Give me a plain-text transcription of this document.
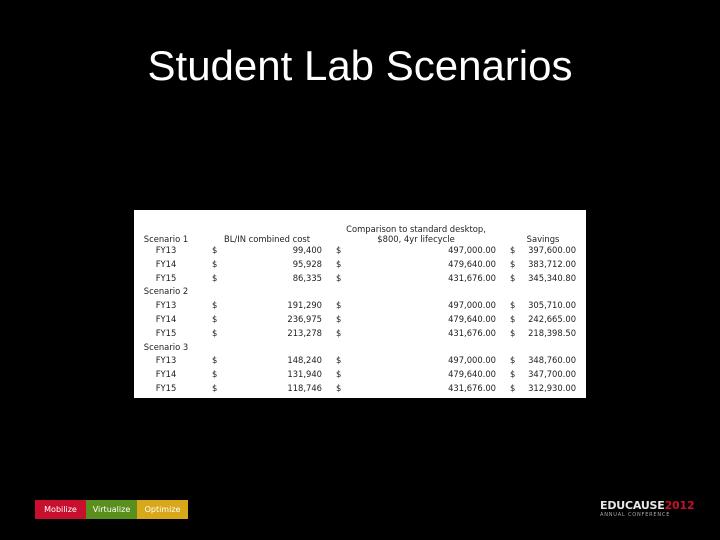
Student Lab Scenarios
Scenario 1		BL/IN combined cost			Comparison to standard desktop, $800, 4yr lifecycle			Savings		
FY13		$	99,400		$	497,000.00		$	397,600.00	
FY14		$	95,928		$	479,640.00		$	383,712.00	
FY15		$	86,335		$	431,676.00		$	345,340.80	
Scenario 2										
FY13		$	191,290		$	497,000.00		$	305,710.00	
FY14		$	236,975		$	479,640.00		$	242,665.00	
FY15		$	213,278		$	431,676.00		$	218,398.50	
Scenario 3										
FY13		$	148,240		$	497,000.00		$	348,760.00	
FY14		$	131,940		$	479,640.00		$	347,700.00	
FY15		$	118,746		$	431,676.00		$	312,930.00	
Mobilize	Virtualize	Optimize	EDUCAUSE2012
ANNUAL CONFERENCE
